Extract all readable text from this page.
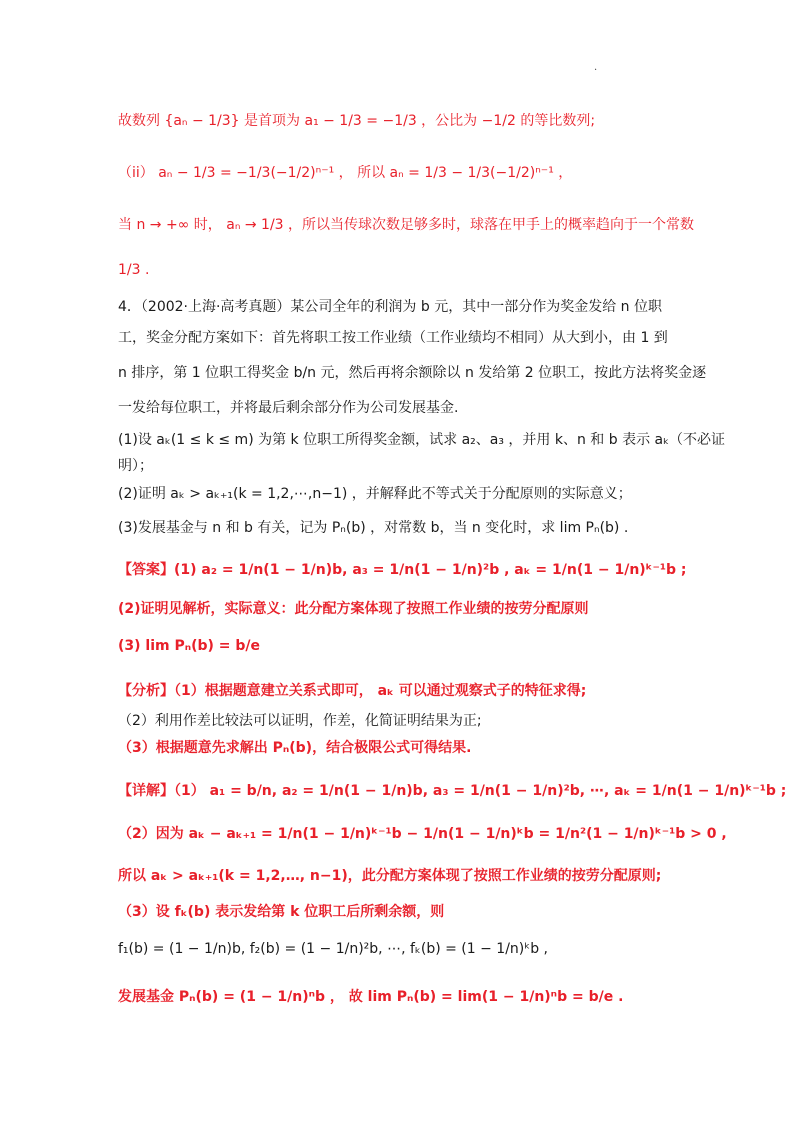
.
故数列 {aₙ − 1/3} 是首项为 a₁ − 1/3 = −1/3 ，公比为 −1/2 的等比数列;
（ii） aₙ − 1/3 = −1/3(−1/2)ⁿ⁻¹ ， 所以 aₙ = 1/3 − 1/3(−1/2)ⁿ⁻¹ ，
当 n → +∞ 时， aₙ → 1/3 ，所以当传球次数足够多时，球落在甲手上的概率趋向于一个常数
1/3 .
4．（2002·上海·高考真题）某公司全年的利润为 b 元，其中一部分作为奖金发给 n 位职
工，奖金分配方案如下：首先将职工按工作业绩（工作业绩均不相同）从大到小，由 1 到
n 排序，第 1 位职工得奖金 b/n 元，然后再将余额除以 n 发给第 2 位职工，按此方法将奖金逐
一发给每位职工，并将最后剩余部分作为公司发展基金.
(1)设 aₖ(1 ≤ k ≤ m) 为第 k 位职工所得奖金额，试求 a₂、a₃ ，并用 k、n 和 b 表示 aₖ（不必证
明）；
(2)证明 aₖ > aₖ₊₁(k = 1,2,⋯,n−1) ，并解释此不等式关于分配原则的实际意义；
(3)发展基金与 n 和 b 有关，记为 Pₙ(b) ，对常数 b，当 n 变化时，求 lim Pₙ(b) .
【答案】(1) a₂ = 1/n(1 − 1/n)b, a₃ = 1/n(1 − 1/n)²b , aₖ = 1/n(1 − 1/n)ᵏ⁻¹b ;
(2)证明见解析，实际意义：此分配方案体现了按照工作业绩的按劳分配原则
(3) lim Pₙ(b) = b/e
【分析】（1）根据题意建立关系式即可， aₖ 可以通过观察式子的特征求得;
（2）利用作差比较法可以证明，作差，化简证明结果为正;
（3）根据题意先求解出 Pₙ(b)，结合极限公式可得结果.
【详解】（1） a₁ = b/n, a₂ = 1/n(1 − 1/n)b, a₃ = 1/n(1 − 1/n)²b, ⋯, aₖ = 1/n(1 − 1/n)ᵏ⁻¹b ;
（2）因为 aₖ − aₖ₊₁ = 1/n(1 − 1/n)ᵏ⁻¹b − 1/n(1 − 1/n)ᵏb = 1/n²(1 − 1/n)ᵏ⁻¹b > 0 ,
所以 aₖ > aₖ₊₁(k = 1,2,…, n−1)，此分配方案体现了按照工作业绩的按劳分配原则;
（3）设 fₖ(b) 表示发给第 k 位职工后所剩余额，则
f₁(b) = (1 − 1/n)b, f₂(b) = (1 − 1/n)²b, ⋯, fₖ(b) = (1 − 1/n)ᵏb ,
发展基金 Pₙ(b) = (1 − 1/n)ⁿb ， 故 lim Pₙ(b) = lim(1 − 1/n)ⁿb = b/e .
